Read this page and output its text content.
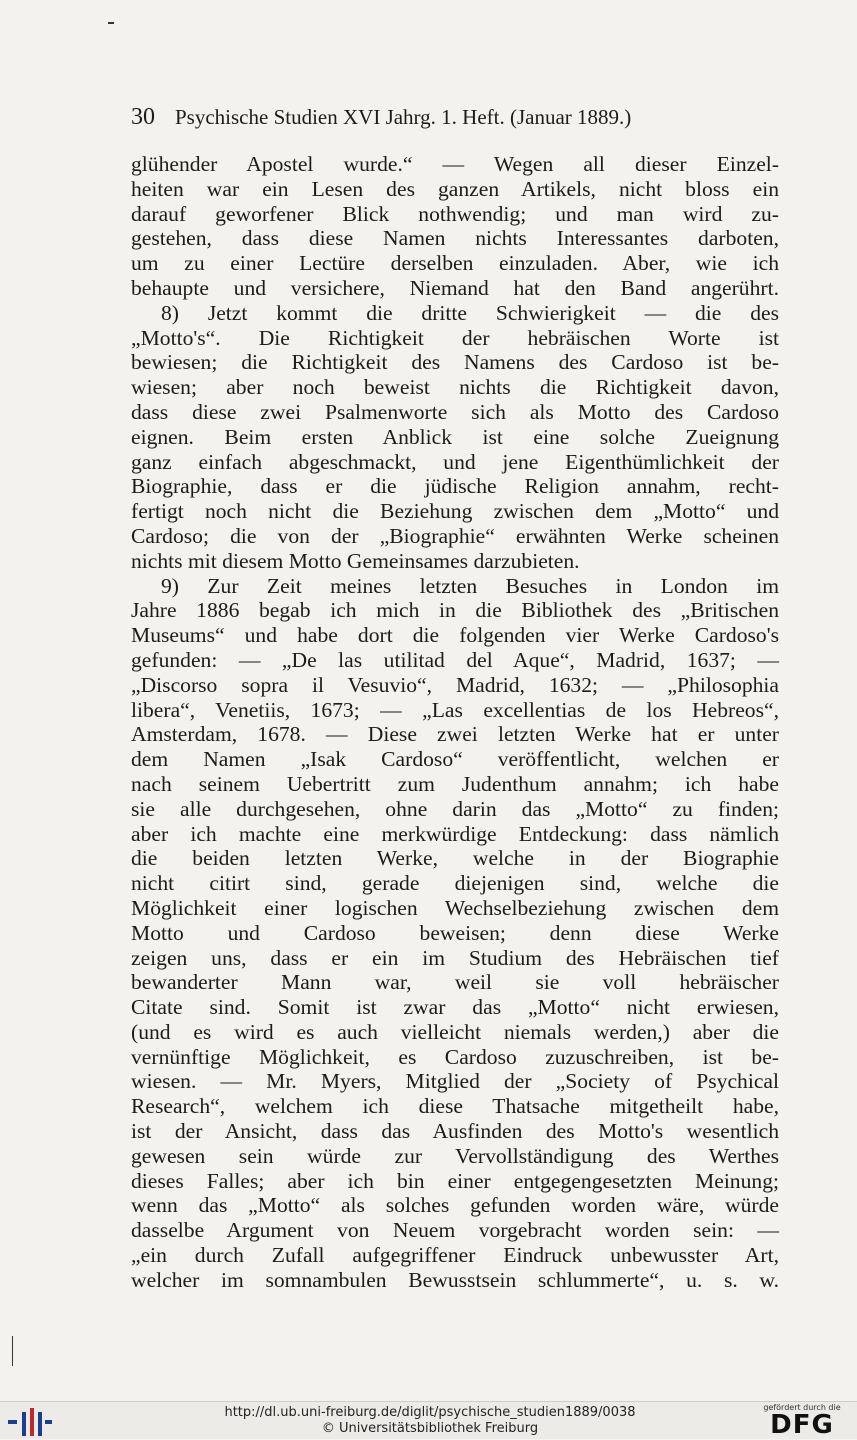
30 Psychische Studien XVI Jahrg. 1. Heft. (Januar 1889.)
glühender Apostel wurde.“ — Wegen all dieser Einzel-
heiten war ein Lesen des ganzen Artikels, nicht bloss ein
darauf geworfener Blick nothwendig; und man wird zu-
gestehen, dass diese Namen nichts Interessantes darboten,
um zu einer Lectüre derselben einzuladen. Aber, wie ich
behaupte und versichere, Niemand hat den Band angerührt.
8) Jetzt kommt die dritte Schwierigkeit — die des
„Motto's“. Die Richtigkeit der hebräischen Worte ist
bewiesen; die Richtigkeit des Namens des Cardoso ist be-
wiesen; aber noch beweist nichts die Richtigkeit davon,
dass diese zwei Psalmenworte sich als Motto des Cardoso
eignen. Beim ersten Anblick ist eine solche Zueignung
ganz einfach abgeschmackt, und jene Eigenthümlichkeit der
Biographie, dass er die jüdische Religion annahm, recht-
fertigt noch nicht die Beziehung zwischen dem „Motto“ und
Cardoso; die von der „Biographie“ erwähnten Werke scheinen
nichts mit diesem Motto Gemeinsames darzubieten.
9) Zur Zeit meines letzten Besuches in London im
Jahre 1886 begab ich mich in die Bibliothek des „Britischen
Museums“ und habe dort die folgenden vier Werke Cardoso's
gefunden: — „De las utilitad del Aque“, Madrid, 1637; —
„Discorso sopra il Vesuvio“, Madrid, 1632; — „Philosophia
libera“, Venetiis, 1673; — „Las excellentias de los Hebreos“,
Amsterdam, 1678. — Diese zwei letzten Werke hat er unter
dem Namen „Isak Cardoso“ veröffentlicht, welchen er
nach seinem Uebertritt zum Judenthum annahm; ich habe
sie alle durchgesehen, ohne darin das „Motto“ zu finden;
aber ich machte eine merkwürdige Entdeckung: dass nämlich
die beiden letzten Werke, welche in der Biographie
nicht citirt sind, gerade diejenigen sind, welche die
Möglichkeit einer logischen Wechselbeziehung zwischen dem
Motto und Cardoso beweisen; denn diese Werke
zeigen uns, dass er ein im Studium des Hebräischen tief
bewanderter Mann war, weil sie voll hebräischer
Citate sind. Somit ist zwar das „Motto“ nicht erwiesen,
(und es wird es auch vielleicht niemals werden,) aber die
vernünftige Möglichkeit, es Cardoso zuzuschreiben, ist be-
wiesen. — Mr. Myers, Mitglied der „Society of Psychical
Research“, welchem ich diese Thatsache mitgetheilt habe,
ist der Ansicht, dass das Ausfinden des Motto's wesentlich
gewesen sein würde zur Vervollständigung des Werthes
dieses Falles; aber ich bin einer entgegengesetzten Meinung;
wenn das „Motto“ als solches gefunden worden wäre, würde
dasselbe Argument von Neuem vorgebracht worden sein: —
„ein durch Zufall aufgegriffener Eindruck unbewusster Art,
welcher im somnambulen Bewusstsein schlummerte“, u. s. w.
http://dl.ub.uni-freiburg.de/diglit/psychische_studien1889/0038
© Universitätsbibliothek Freiburg
gefördert durch die
DFG
